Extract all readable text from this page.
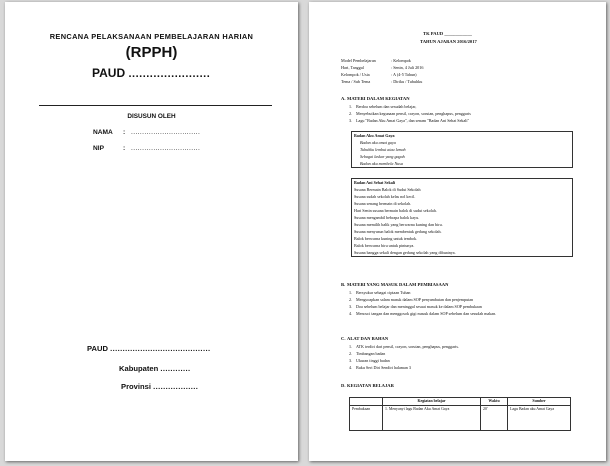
RENCANA PELAKSANAAN PEMBELAJARAN HARIAN
(RPPH)
PAUD .......................
DISUSUN OLEH
NAMA : ...............................
NIP	: ...............................
PAUD ........................................
Kabupaten ............
Provinsi ..................
TK PAUD ____________
TAHUN AJARAN 2016/2017
Model Pembelajaran	: Kelompok
Hari, Tanggal	: Senin, 4 Juli 2016
Kelompok / Usia	: A (4-5 Tahun)
Tema / Sub Tema	: Diriku / Tubuhku
A. MATERI DALAM KEGIATAN
1. Berdoa sebelum dan sesudah belajar,
2. Menyebutkan kegunaan pensil, crayon, sorutan, penghapus, penggaris
3. Lagu "Badan Aku Amat Gaya", dan senam "Badan Ani Sehat Sekali"
Badan Aku Amat Gaya
Badan aku amat gaya
Tubuhku lembut atau lemah
Sebagai laskar yang gagah
Badan aku membela Nusa
Badan Ani Sehat Sekali
Susana Bermain Balok di Sudut Sekolah
Susana sudah sekolah kelas nol kecil.
Susana senang bermain di sekolah.
Hari Senin susana bermain balok di sudut sekolah.
Susana mengambil bebrapa balok kayu.
Susana memilih balik yang berwarna kuning dan biru.
Susana menyusun balok membentuk gedung sekolah.
Balok berwarna kuning untuk tembok.
Balok berwarna biru untuk pintunya.
Susana bangga sekali dengan gedung sekolah yang dibuatnya.
B. MATERI YANG MASUK DALAM PEMBIASAAN
1. Bersyukur sebagai ciptaan Tuhan
2. Mengucapkan salam masuk dalam SOP penyambutan dan penjemputan
3. Doa sebelum belajar dan meninggal sesuai masuk ke dalam SOP pembukaan
4. Mencuci tangan dan menggosok gigi masuk dalam SOP sebelum dan sesudah makan.
C. ALAT DAN BAHAN
1. ATK terdiri dari pensil, crayon, sorutan, penghapus, penggaris.
2. Timbangan badan
3. Ukuran tinggi badan
4. Buku Seri Diri Sendiri halaman 3
D. KEGIATAN BELAJAR
	Kegiatan belajar	Waktu	Sumber
Pembukaan	1. Menyanyi lagu Badan Aku Amat Gaya	20'	Lagu Badan aku Amat Gaya
